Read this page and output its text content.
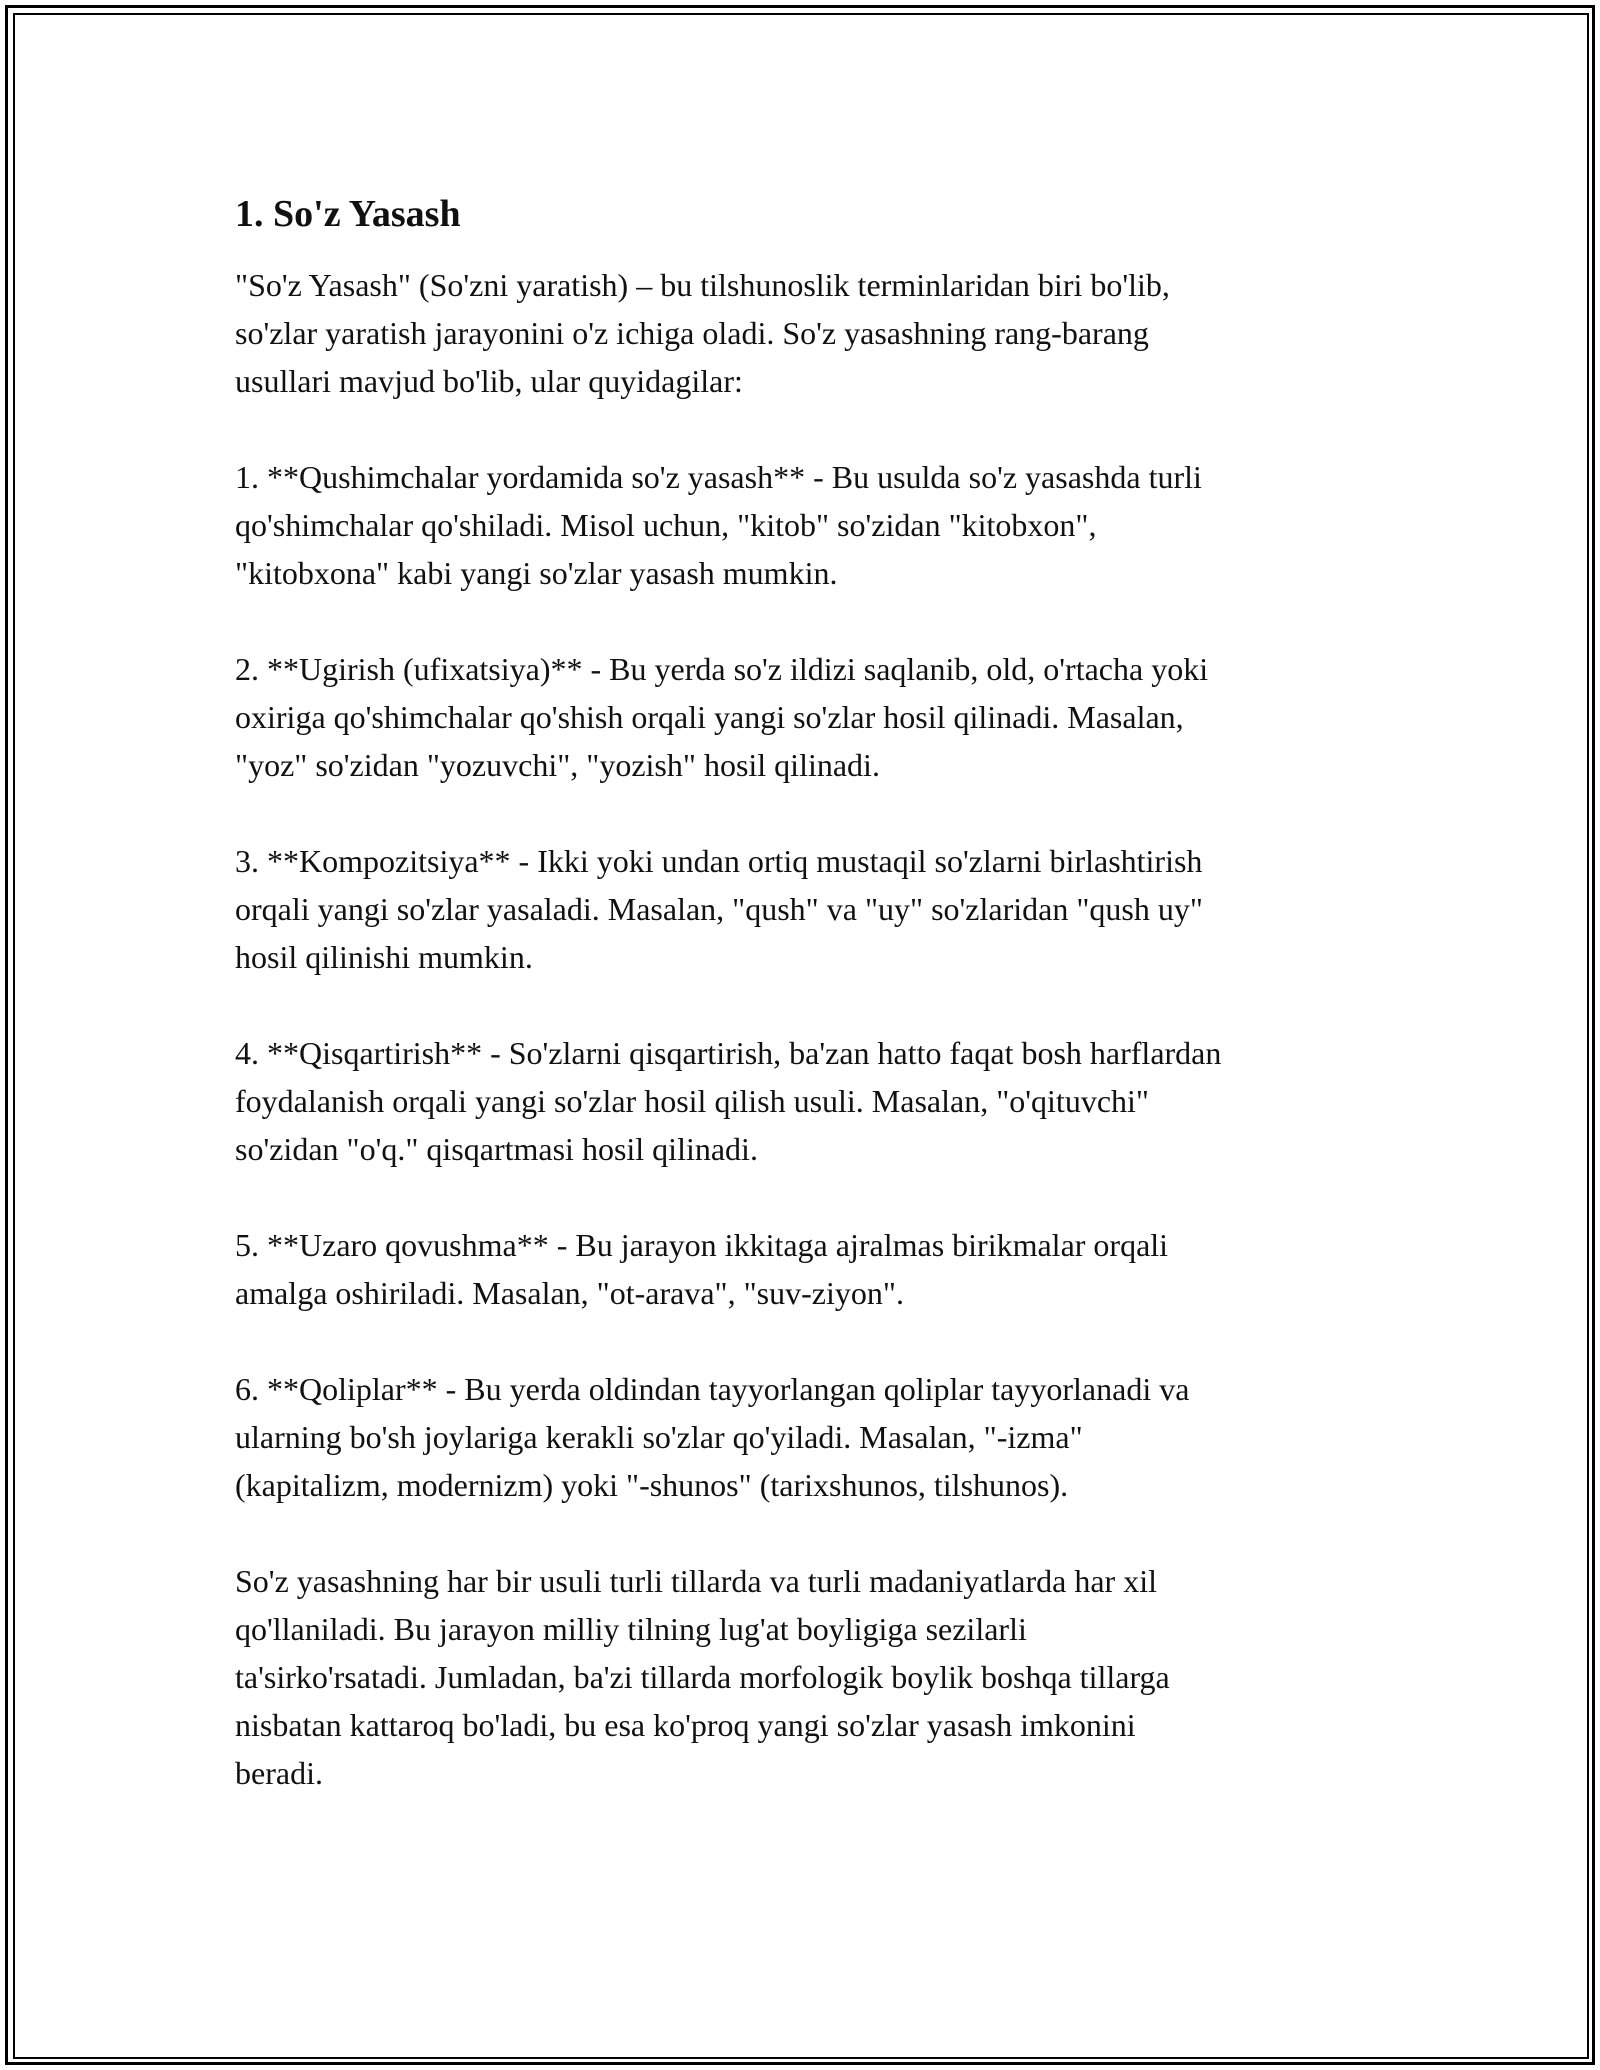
1. So'z Yasash

"So'z Yasash" (So'zni yaratish) – bu tilshunoslik terminlaridan biri bo'lib,
so'zlar yaratish jarayonini o'z ichiga oladi. So'z yasashning rang-barang
usullari mavjud bo'lib, ular quyidagilar:

1. **Qushimchalar yordamida so'z yasash** - Bu usulda so'z yasashda turli
qo'shimchalar qo'shiladi. Misol uchun, "kitob" so'zidan "kitobxon",
"kitobxona" kabi yangi so'zlar yasash mumkin.

2. **Ugirish (ufixatsiya)** - Bu yerda so'z ildizi saqlanib, old, o'rtacha yoki
oxiriga qo'shimchalar qo'shish orqali yangi so'zlar hosil qilinadi. Masalan,
"yoz" so'zidan "yozuvchi", "yozish" hosil qilinadi.

3. **Kompozitsiya** - Ikki yoki undan ortiq mustaqil so'zlarni birlashtirish
orqali yangi so'zlar yasaladi. Masalan, "qush" va "uy" so'zlaridan "qush uy"
hosil qilinishi mumkin.

4. **Qisqartirish** - So'zlarni qisqartirish, ba'zan hatto faqat bosh harflardan
foydalanish orqali yangi so'zlar hosil qilish usuli. Masalan, "o'qituvchi"
so'zidan "o'q." qisqartmasi hosil qilinadi.

5. **Uzaro qovushma** - Bu jarayon ikkitaga ajralmas birikmalar orqali
amalga oshiriladi. Masalan, "ot-arava", "suv-ziyon".

6. **Qoliplar** - Bu yerda oldindan tayyorlangan qoliplar tayyorlanadi va
ularning bo'sh joylariga kerakli so'zlar qo'yiladi. Masalan, "-izma"
(kapitalizm, modernizm) yoki "-shunos" (tarixshunos, tilshunos).

So'z yasashning har bir usuli turli tillarda va turli madaniyatlarda har xil
qo'llaniladi. Bu jarayon milliy tilning lug'at boyligiga sezilarli
ta'sirko'rsatadi. Jumladan, ba'zi tillarda morfologik boylik boshqa tillarga
nisbatan kattaroq bo'ladi, bu esa ko'proq yangi so'zlar yasash imkonini
beradi.
